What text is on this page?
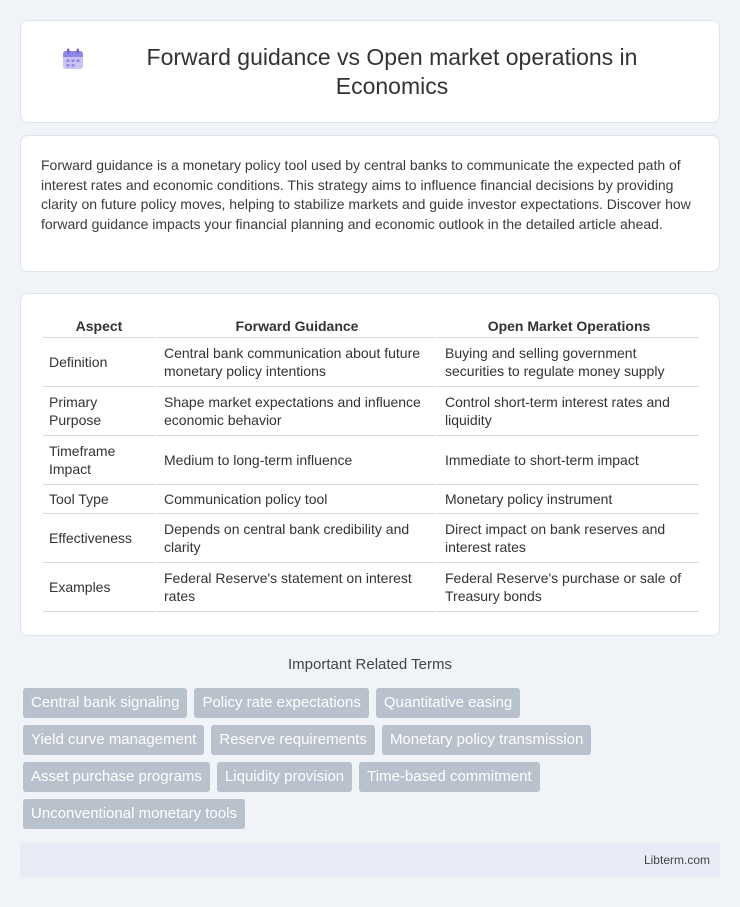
Forward guidance vs Open market operations in Economics

Forward guidance is a monetary policy tool used by central banks to communicate the expected path of interest rates and economic conditions. This strategy aims to influence financial decisions by providing clarity on future policy moves, helping to stabilize markets and guide investor expectations. Discover how forward guidance impacts your financial planning and economic outlook in the detailed article ahead.

Aspect	Forward Guidance	Open Market Operations
Definition	Central bank communication about future monetary policy intentions	Buying and selling government securities to regulate money supply
Primary Purpose	Shape market expectations and influence economic behavior	Control short-term interest rates and liquidity
Timeframe Impact	Medium to long-term influence	Immediate to short-term impact
Tool Type	Communication policy tool	Monetary policy instrument
Effectiveness	Depends on central bank credibility and clarity	Direct impact on bank reserves and interest rates
Examples	Federal Reserve's statement on interest rates	Federal Reserve's purchase or sale of Treasury bonds
Important Related Terms
Central bank signaling	Policy rate expectations	Quantitative easing
Yield curve management	Reserve requirements	Monetary policy transmission
Asset purchase programs	Liquidity provision	Time-based commitment
Unconventional monetary tools
Libterm.com
